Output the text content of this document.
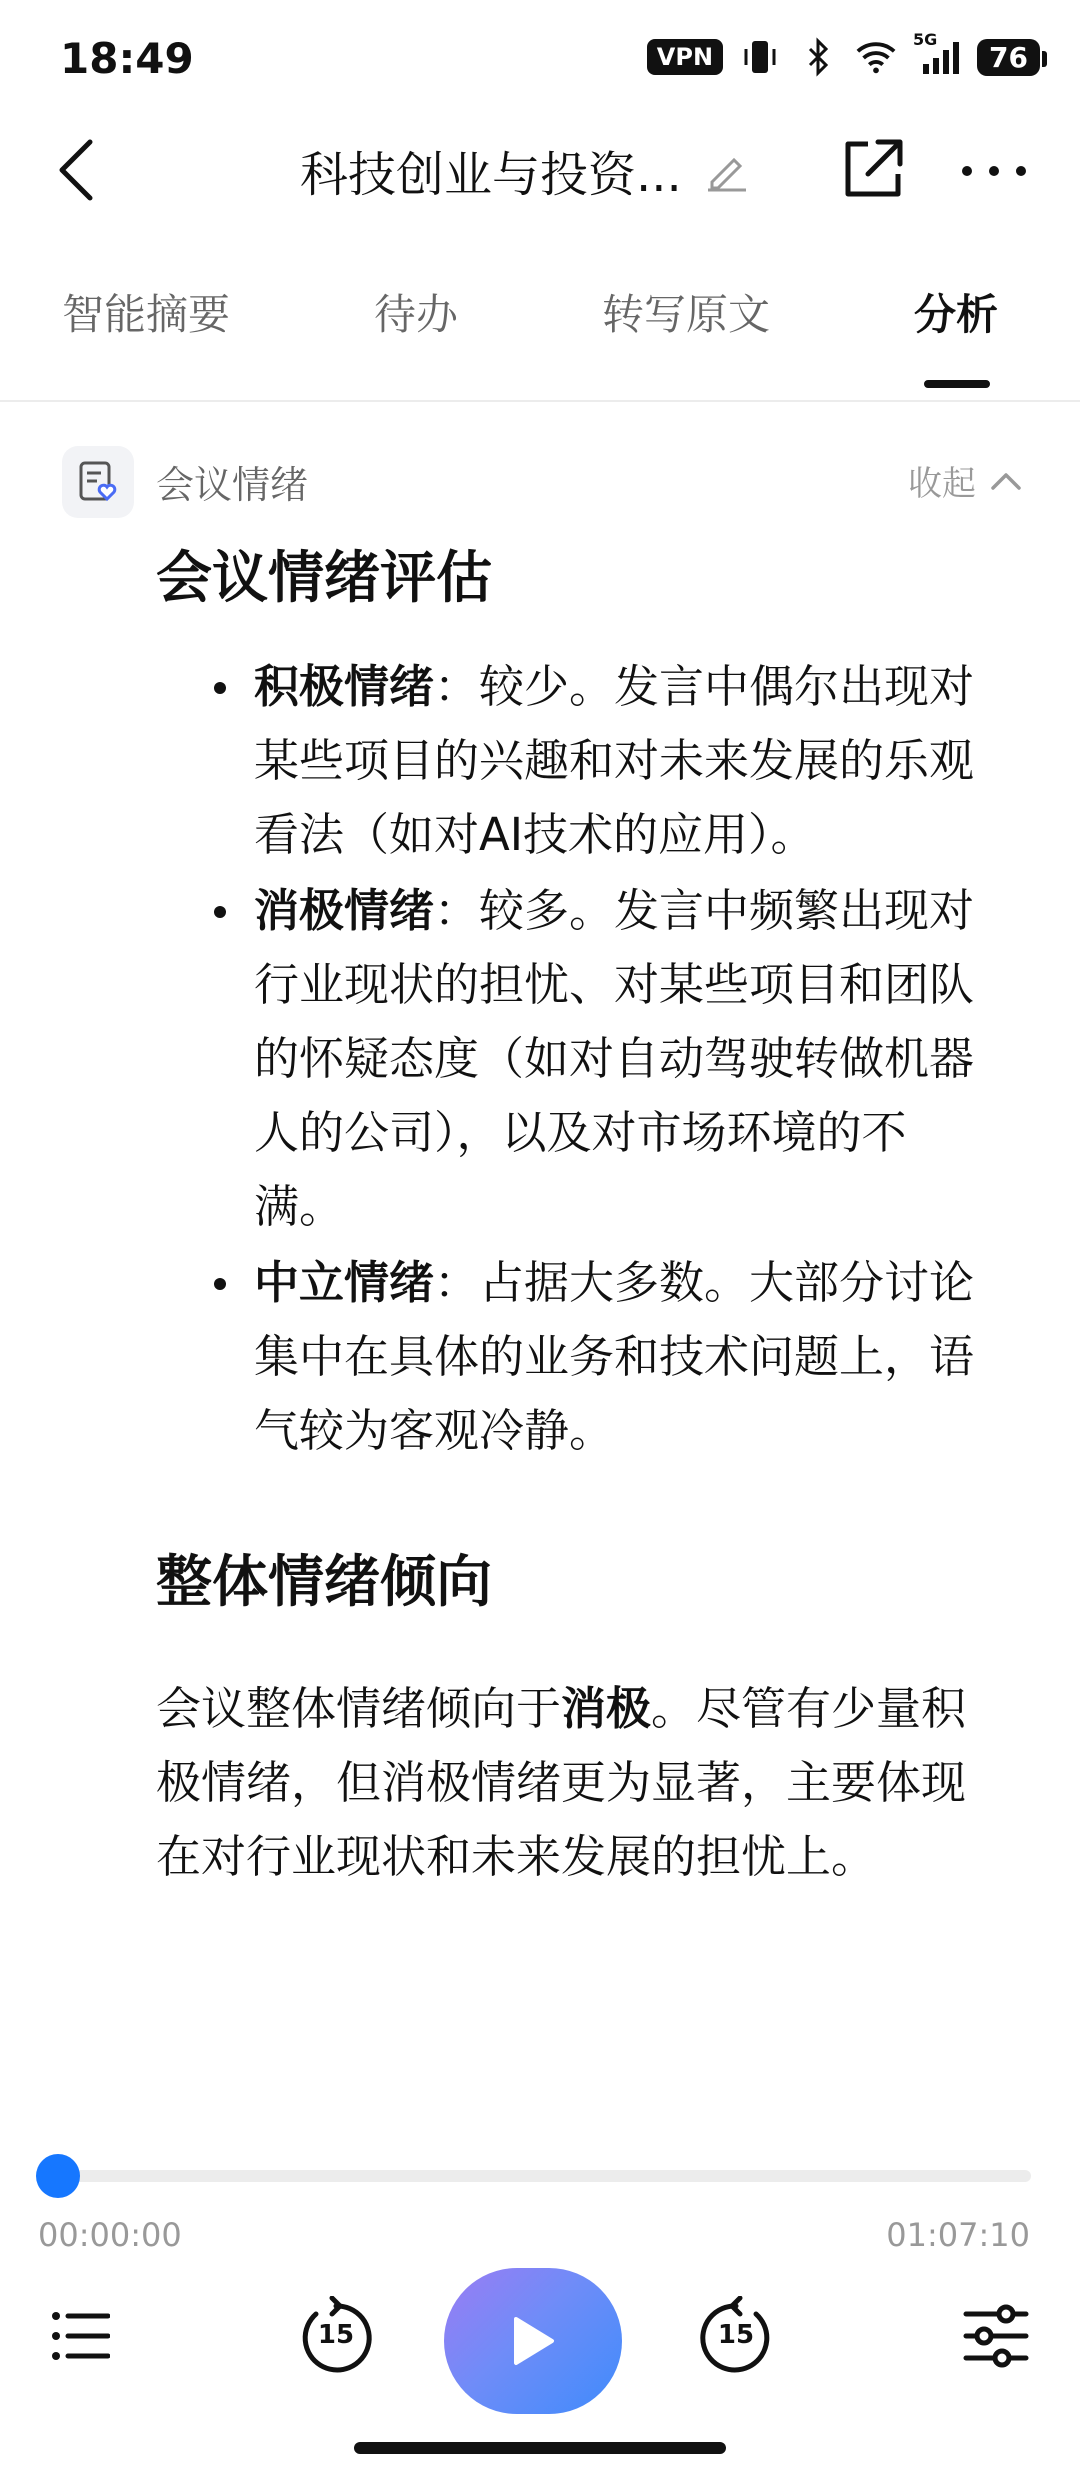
18:49	VPN
5G
76
科技创业与投资...
智能摘要	待办	转写原文	分析
会议情绪	收起
会议情绪评估
积极情绪：较少。发言中偶尔出现对某些项目的兴趣和对未来发展的乐观看法（如对AI技术的应用）。
消极情绪：较多。发言中频繁出现对行业现状的担忧、对某些项目和团队的怀疑态度（如对自动驾驶转做机器人的公司），以及对市场环境的不满。
中立情绪：占据大多数。大部分讨论集中在具体的业务和技术问题上，语气较为客观冷静。
整体情绪倾向
会议整体情绪倾向于消极。尽管有少量积极情绪，但消极情绪更为显著，主要体现在对行业现状和未来发展的担忧上。
00:00:00	01:07:10
15	15
